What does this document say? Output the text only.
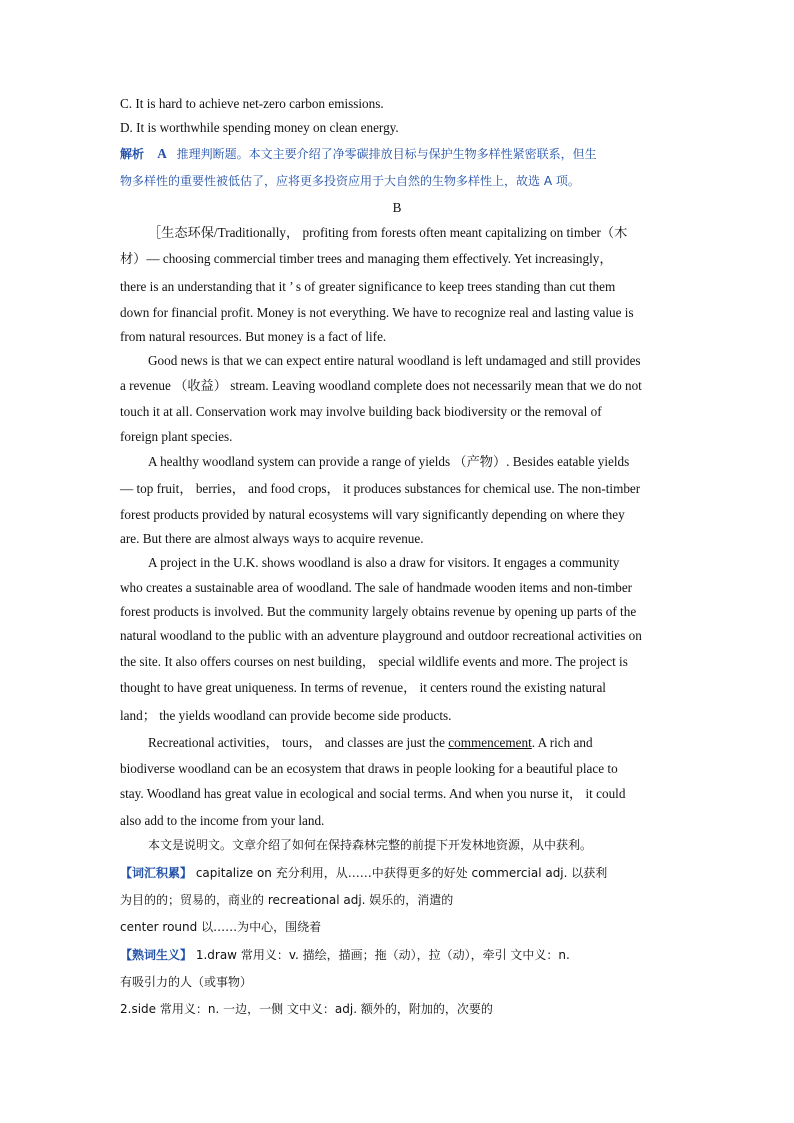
C. It is hard to achieve net-zero carbon emissions.
D. It is worthwhile spending money on clean energy.
解析 A 推理判断题。本文主要介绍了净零碳排放目标与保护生物多样性紧密联系，但生
物多样性的重要性被低估了，应将更多投资应用于大自然的生物多样性上，故选 A 项。
B
［生态环保/Traditionally， profiting from forests often meant capitalizing on timber（木
材）— choosing commercial timber trees and managing them effectively. Yet increasingly，
there is an understanding that it ’ s of greater significance to keep trees standing than cut them
down for financial profit. Money is not everything. We have to recognize real and lasting value is
from natural resources. But money is a fact of life.
Good news is that we can expect entire natural woodland is left undamaged and still provides
a revenue （收益） stream. Leaving woodland complete does not necessarily mean that we do not
touch it at all. Conservation work may involve building back biodiversity or the removal of
foreign plant species.
A healthy woodland system can provide a range of yields （产物）. Besides eatable yields
— top fruit， berries， and food crops， it produces substances for chemical use. The non-timber
forest products provided by natural ecosystems will vary significantly depending on where they
are. But there are almost always ways to acquire revenue.
A project in the U.K. shows woodland is also a draw for visitors. It engages a community
who creates a sustainable area of woodland. The sale of handmade wooden items and non-timber
forest products is involved. But the community largely obtains revenue by opening up parts of the
natural woodland to the public with an adventure playground and outdoor recreational activities on
the site. It also offers courses on nest building， special wildlife events and more. The project is
thought to have great uniqueness. In terms of revenue， it centers round the existing natural
land； the yields woodland can provide become side products.
Recreational activities， tours， and classes are just the commencement. A rich and
biodiverse woodland can be an ecosystem that draws in people looking for a beautiful place to
stay. Woodland has great value in ecological and social terms. And when you nurse it， it could
also add to the income from your land.
本文是说明文。文章介绍了如何在保持森林完整的前提下开发林地资源，从中获利。
【词汇积累】 capitalize on 充分利用，从……中获得更多的好处 commercial adj. 以获利
为目的的；贸易的，商业的 recreational adj. 娱乐的，消遣的
center round 以……为中心，围绕着
【熟词生义】 1.draw 常用义：v. 描绘，描画；拖（动），拉（动），牵引 文中义：n.
有吸引力的人（或事物）
2.side 常用义：n. 一边，一侧 文中义：adj. 额外的，附加的，次要的
